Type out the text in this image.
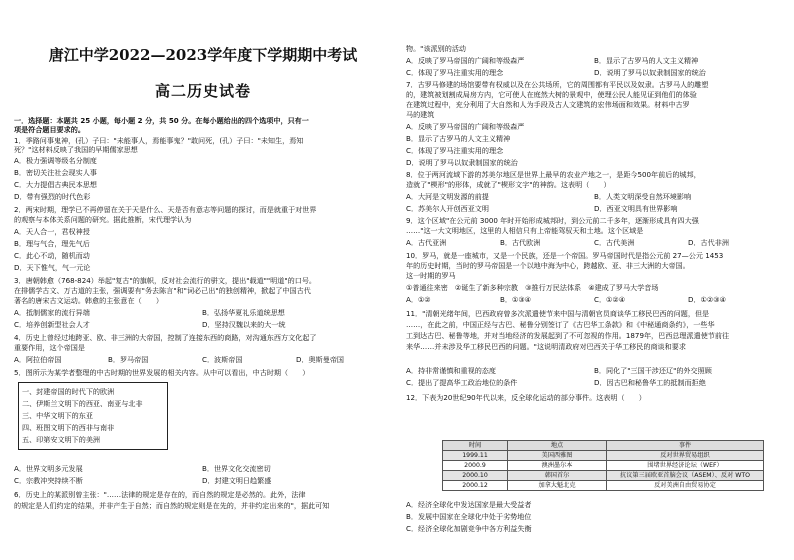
唐江中学2022—2023学年度下学期期中考试
高二历史试卷
一．选择题：本题共 25 小题，每小题 2 分，共 50 分。在每小题给出的四个选项中，只有一
项是符合题目要求的。
1．季路问事鬼神，(孔）子曰："未能事人，焉能事鬼？"敢问死，(孔）子曰："未知生，焉知
死？"这材料反映了我国的早期儒家思想
A．极力强调等级名分制度
B．密切关注社会现实人事
C．大力提倡古典民本思想
D．带有强烈的时代色彩
2．两宋时期，理学已不再停留在关于天是什么、天是否有意志等问题的探讨，而是就重于对世界
的观察与本体关系问题的研究。据此推断，宋代理学认为
A．天人合一，君权神授
B．理与气合，理先气后
C．此心不动，随机而动
D．天下惟气，气一元论
3．唐朝韩愈（768-824）举起"复古"的旗帜，反对社会流行的骈文，提出"载道""明道"的口号。
在排儒学古文、万古道的主张，强调要有"务去陈言"和"词必己出"的独创精神，掀起了中国古代
著名的唐宋古文运动。韩愈的主张意在（　　）
A．抵制儒家的流行异端	B．弘扬华夏礼乐道统思想
C．培养创新型社会人才	D．坚持汉魏以来的大一统
4．历史上曾经过地跨亚、欧、非三洲的大帝国，控制了连接东西的商路，对沟通东西方文化起了
重要作用，这个帝国是
A．阿拉伯帝国	B．罗马帝国	C．波斯帝国	D．奥斯曼帝国
5．图所示为某学者整理的中古时期的世界发展的相关内容。从中可以看出，中古时期（　　）
一、封建帝国的时代下的欧洲
二、伊斯兰文明下的西亚、南亚与北非
三、中华文明下的东亚
四、班图文明下的西非与南非
五、印第安文明下的美洲
A．世界文明多元发展	B．世界文化交流密切
C．宗教冲突持续不断	D．封建文明日趋繁盛
6．历史上的某派别曾主张："……法律的规定是存在的，而自然的规定是必然的。此外，法律
的规定是人们约定的结果，并非产生于自然；而自然的规定则是在先的，并非约定出来的"，据此可知
物。"该派别的活动
A．反映了罗马帝国的广阔和等级森严	B．显示了古罗马的人文主义精神
C．体现了罗马注重实用的理念	D．说明了罗马以奴隶制国家的统治
7．古罗马修建的场馆要带有权威以及在公共场所，它的周围都有平民以及奴隶。古罗马人的雕塑
的，建筑被划割成局房方内，它可使人在庭然大树的景观中，使理公民人能见证到他们的体验
在建筑过程中，充分利用了大自然和人为手段及古人文建筑的宏伟场面和效果。材料中古罗
马的建筑
A．反映了罗马帝国的广阔和等级森严
B．显示了古罗马的人文主义精神
C．体现了罗马注重实用的理念
D．说明了罗马以奴隶制国家的统治
8．位于两河流域下游的苏美尔地区是世界上最早的农业产地之一，是距今500年前后的城邦，
造就了"楔形"的形体，成就了"楔形文字"的神韵。这表明（　　）
A．大河是文明发源的前提	B．人类文明深受自然环境影响
C．苏美尔人开创西亚文明	D．西亚文明具有世界影响
9．这个区域"在公元前 3000 年时开始形成城邦时，到公元前二千多年，逐渐形成具有四大强
……"这一大文明地区，这里的人相信只有上帝能驾驭天和土地。这个区域是
A．古代亚洲	B．古代欧洲	C．古代美洲	D．古代非洲
10．罗马，就是一座城市，又是一个民族，还是一个帝国。罗马帝国时代是指公元前 27—公元 1453
年的历史时期，当时的罗马帝国是一个以地中海为中心，跨越欧、亚、非三大洲的大帝国。
这一时期的罗马
①普通往来密　②诞生了新多种宗教　③推行万民法体系　④建成了罗马大学音场
A．①②	B．①③④	C．①②④	D．①②③④
11．"清朝光绪年间，巴西政府曾多次派遣使节来中国与清朝官员商谈华工移民巴西的问题，但是
……，在此之前，中国正经与古巴、秘鲁分别签订了《古巴华工条款》和《中秘通商条约》，一些华
工到达古巴、秘鲁等地，并对当地经济的发展起到了不可忽视的作用。1879年，巴西总理派遣使节前往
来华……并未涉及华工移民巴西的问题。"这说明清政府对巴西关于华工移民的商谈和要求
A．持非常谨慎和重视的态度	B．同化了"三国干涉还辽"的外交照顾
C．提出了提高华工政治地位的条件	D．因古巴和秘鲁华工的抵制而拒绝
12．下表为20世纪90年代以来，反全球化运动的部分事件。这表明（　　）
时间	地点	事件
1999.11	美国西雅图	反对世界贸易组织
2000.9	澳洲墨尔本	围堵世界经济论坛（WEF）
2000.10	韩国首尔	抗议第三届欧亚首脑会议（ASEM）、反对 WTO
2000.12	加拿大魁北克	反对美洲自由贸易协定
A．经济全球化中发达国家是最大受益者
B．发展中国家在全球化中处于劣势地位
C．经济全球化加剧竞争中各方利益失衡
